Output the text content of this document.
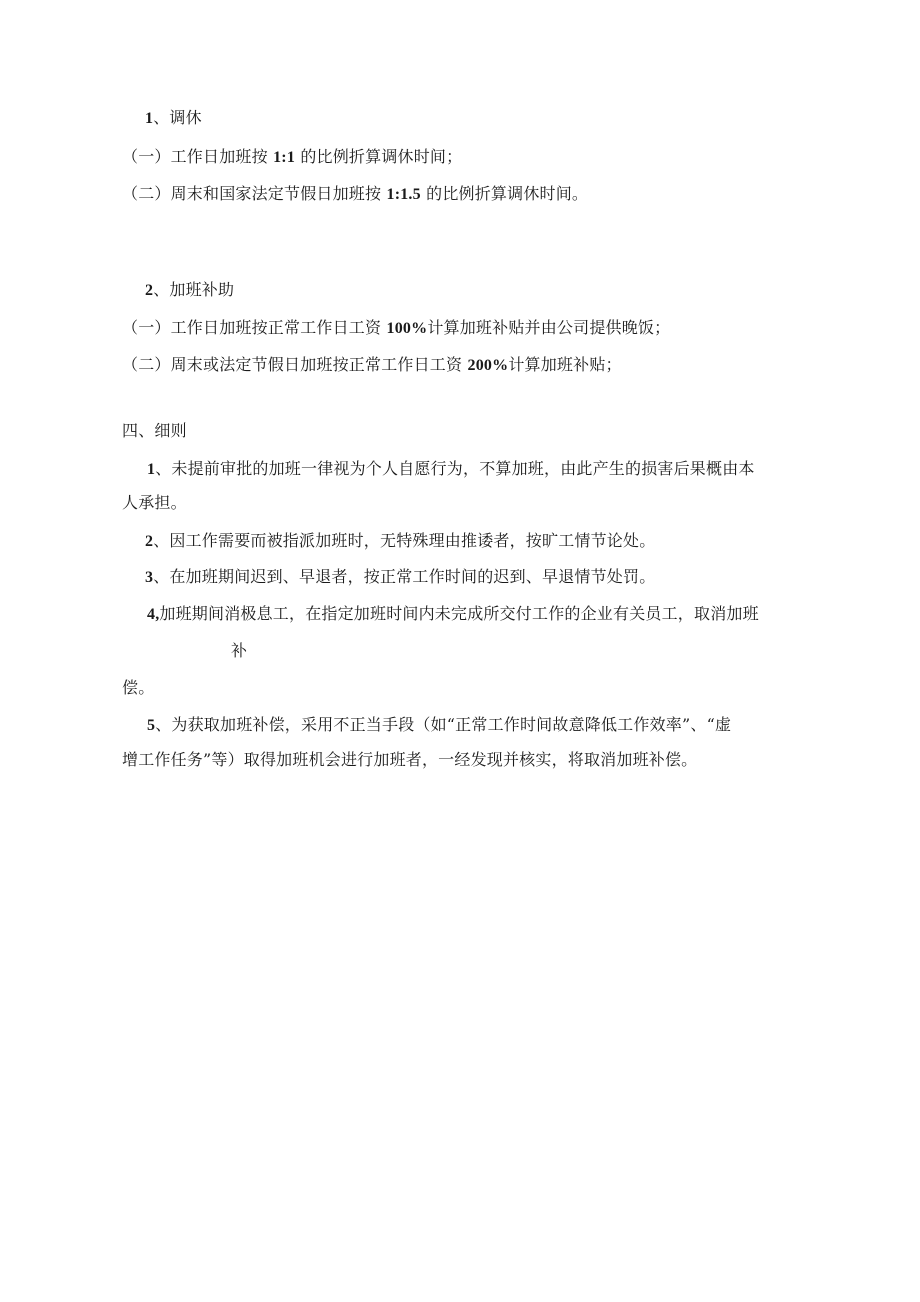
1、调休
（一）工作日加班按 1:1 的比例折算调休时间；
（二）周末和国家法定节假日加班按 1:1.5 的比例折算调休时间。
2、加班补助
（一）工作日加班按正常工作日工资 100%计算加班补贴并由公司提供晚饭；
（二）周末或法定节假日加班按正常工作日工资 200%计算加班补贴；
四、细则
1、未提前审批的加班一律视为个人自愿行为，不算加班，由此产生的损害后果概由本
人承担。
2、因工作需要而被指派加班时，无特殊理由推诿者，按旷工情节论处。
3、在加班期间迟到、早退者，按正常工作时间的迟到、早退情节处罚。
4,加班期间消极息工，在指定加班时间内未完成所交付工作的企业有关员工，取消加班
补
偿。
5、为获取加班补偿，采用不正当手段（如“正常工作时间故意降低工作效率”、“虚
增工作任务”等）取得加班机会进行加班者，一经发现并核实，将取消加班补偿。
